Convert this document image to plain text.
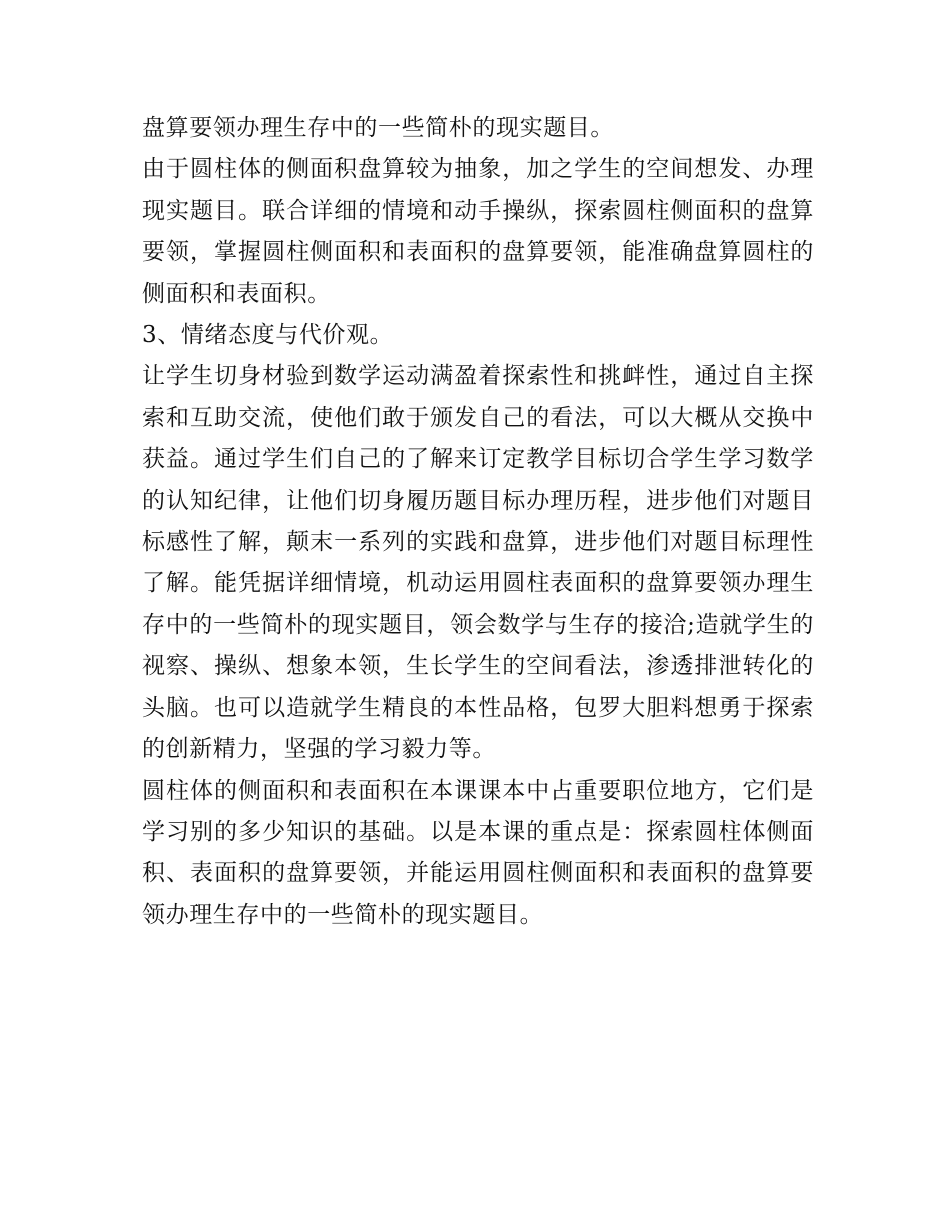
盘算要领办理生存中的一些简朴的现实题目。

由于圆柱体的侧面积盘算较为抽象，加之学生的空间想发、办理现实题目。联合详细的情境和动手操纵，探索圆柱侧面积的盘算要领，掌握圆柱侧面积和表面积的盘算要领，能准确盘算圆柱的侧面积和表面积。

3、情绪态度与代价观。

让学生切身材验到数学运动满盈着探索性和挑衅性，通过自主探索和互助交流，使他们敢于颁发自己的看法，可以大概从交换中获益。通过学生们自己的了解来订定教学目标切合学生学习数学的认知纪律，让他们切身履历题目标办理历程，进步他们对题目标感性了解，颠末一系列的实践和盘算，进步他们对题目标理性了解。能凭据详细情境，机动运用圆柱表面积的盘算要领办理生存中的一些简朴的现实题目，领会数学与生存的接洽;造就学生的视察、操纵、想象本领，生长学生的空间看法，渗透排泄转化的头脑。也可以造就学生精良的本性品格，包罗大胆料想勇于探索的创新精力，坚强的学习毅力等。

圆柱体的侧面积和表面积在本课课本中占重要职位地方，它们是学习别的多少知识的基础。以是本课的重点是：探索圆柱体侧面积、表面积的盘算要领，并能运用圆柱侧面积和表面积的盘算要领办理生存中的一些简朴的现实题目。
